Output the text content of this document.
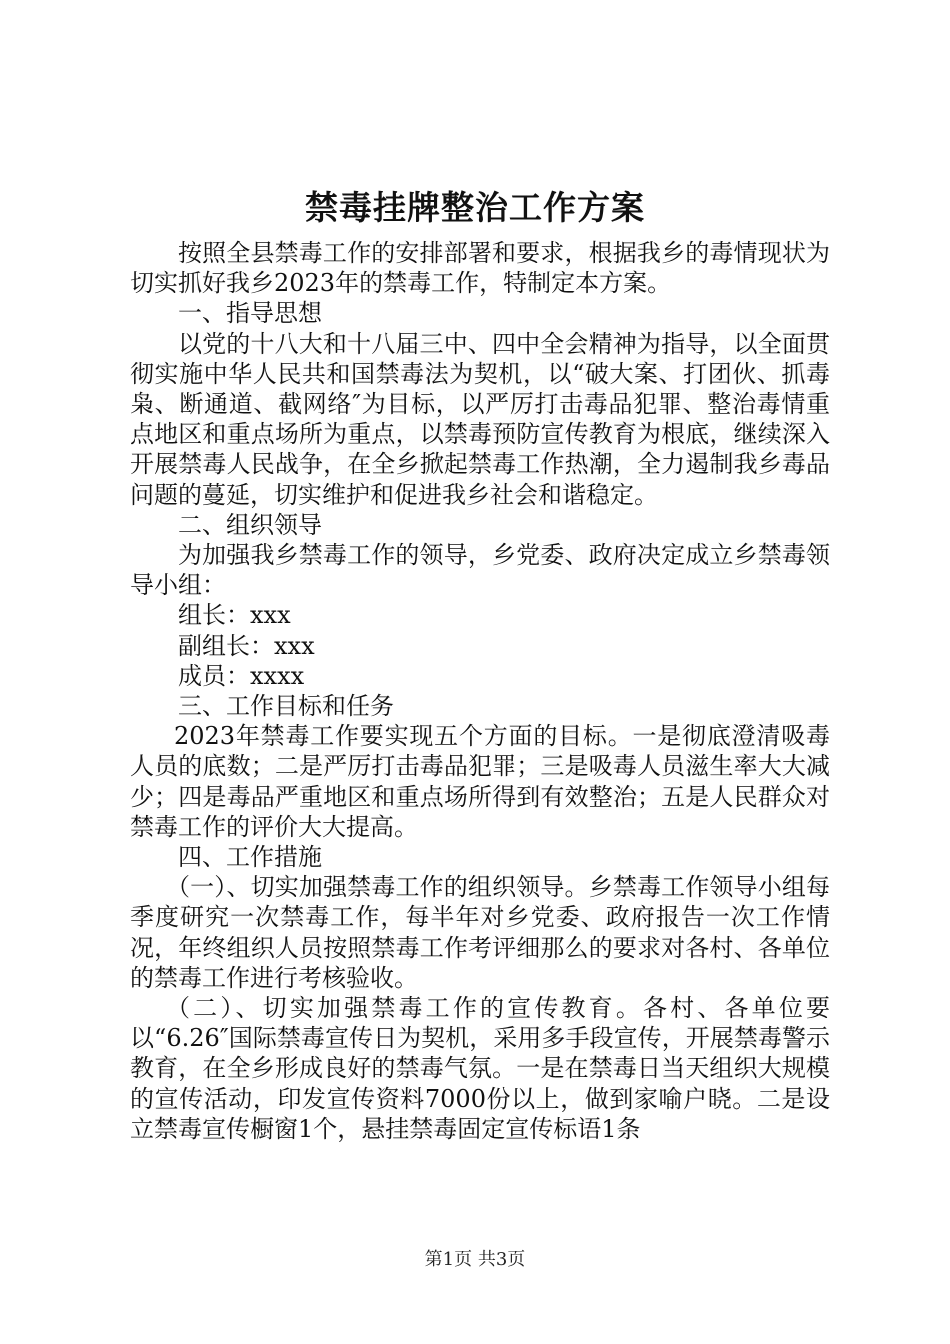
禁毒挂牌整治工作方案

按照全县禁毒工作的安排部署和要求，根据我乡的毒情现状为切实抓好我乡2023年的禁毒工作，特制定本方案。

一、指导思想

以党的十八大和十八届三中、四中全会精神为指导，以全面贯彻实施中华人民共和国禁毒法为契机，以“破大案、打团伙、抓毒枭、断通道、截网络″为目标，以严厉打击毒品犯罪、整治毒情重点地区和重点场所为重点，以禁毒预防宣传教育为根底，继续深入开展禁毒人民战争，在全乡掀起禁毒工作热潮，全力遏制我乡毒品问题的蔓延，切实维护和促进我乡社会和谐稳定。

二、组织领导

为加强我乡禁毒工作的领导，乡党委、政府决定成立乡禁毒领导小组：

组长：xxx

副组长：xxx

成员：xxxx

三、工作目标和任务

2023年禁毒工作要实现五个方面的目标。一是彻底澄清吸毒人员的底数；二是严厉打击毒品犯罪；三是吸毒人员滋生率大大减少；四是毒品严重地区和重点场所得到有效整治；五是人民群众对禁毒工作的评价大大提高。

四、工作措施

（一）、切实加强禁毒工作的组织领导。乡禁毒工作领导小组每季度研究一次禁毒工作，每半年对乡党委、政府报告一次工作情况，年终组织人员按照禁毒工作考评细那么的要求对各村、各单位的禁毒工作进行考核验收。

（二）、切实加强禁毒工作的宣传教育。各村、各单位要以“6.26″国际禁毒宣传日为契机，采用多手段宣传，开展禁毒警示教育，在全乡形成良好的禁毒气氛。一是在禁毒日当天组织大规模的宣传活动，印发宣传资料7000份以上，做到家喻户晓。二是设立禁毒宣传橱窗1个，悬挂禁毒固定宣传标语1条

第1页 共3页
